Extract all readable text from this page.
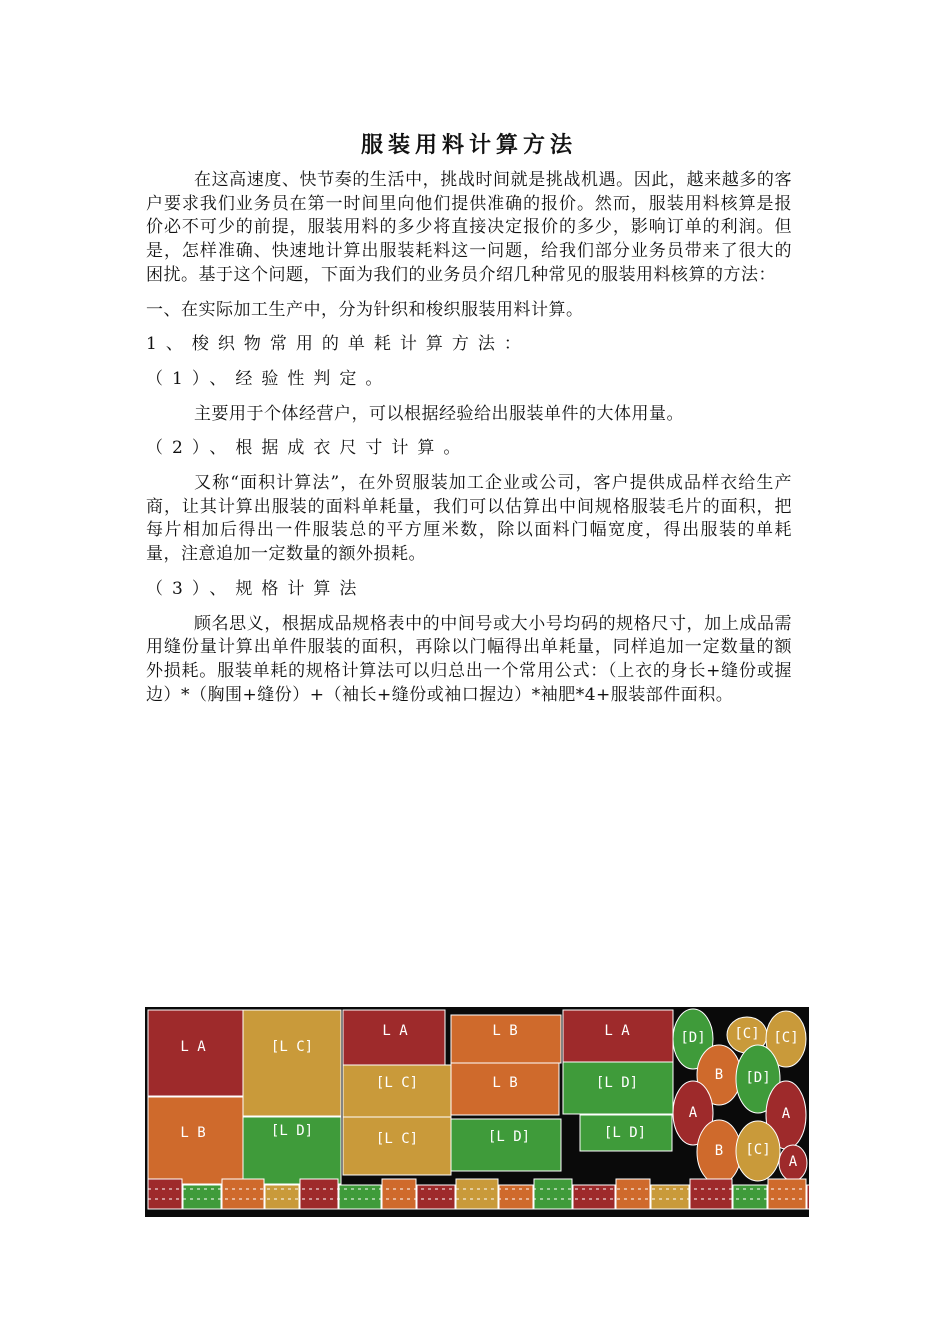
服装用料计算方法

在这高速度、快节奏的生活中，挑战时间就是挑战机遇。因此，越来越多的客户要求我们业务员在第一时间里向他们提供准确的报价。然而，服装用料核算是报价必不可少的前提，服装用料的多少将直接决定报价的多少，影响订单的利润。但是，怎样准确、快速地计算出服装耗料这一问题，给我们部分业务员带来了很大的困扰。基于这个问题，下面为我们的业务员介绍几种常见的服装用料核算的方法：

一、在实际加工生产中，分为针织和梭织服装用料计算。

1、梭织物常用的单耗计算方法：

（1）、经验性判定。

主要用于个体经营户，可以根据经验给出服装单件的大体用量。

（2）、根据成衣尺寸计算。

又称“面积计算法”，在外贸服装加工企业或公司，客户提供成品样衣给生产商，让其计算出服装的面料单耗量，我们可以估算出中间规格服装毛片的面积，把每片相加后得出一件服装总的平方厘米数，除以面料门幅宽度，得出服装的单耗量，注意追加一定数量的额外损耗。

（3）、规格计算法

顾名思义，根据成品规格表中的中间号或大小号均码的规格尺寸，加上成品需用缝份量计算出单件服装的面积，再除以门幅得出单耗量，同样追加一定数量的额外损耗。服装单耗的规格计算法可以归总出一个常用公式：（上衣的身长+缝份或握边）*（胸围+缝份）+（袖长+缝份或袖口握边）*袖肥*4+服装部件面积。

L A	[L C]
L A	L B	L A	[D] [C] [C]
L B	[L D]
[L C]	L B	[L D]	B [D]
[L C]	[L D]	[L D]
A	A
B [C]
A
